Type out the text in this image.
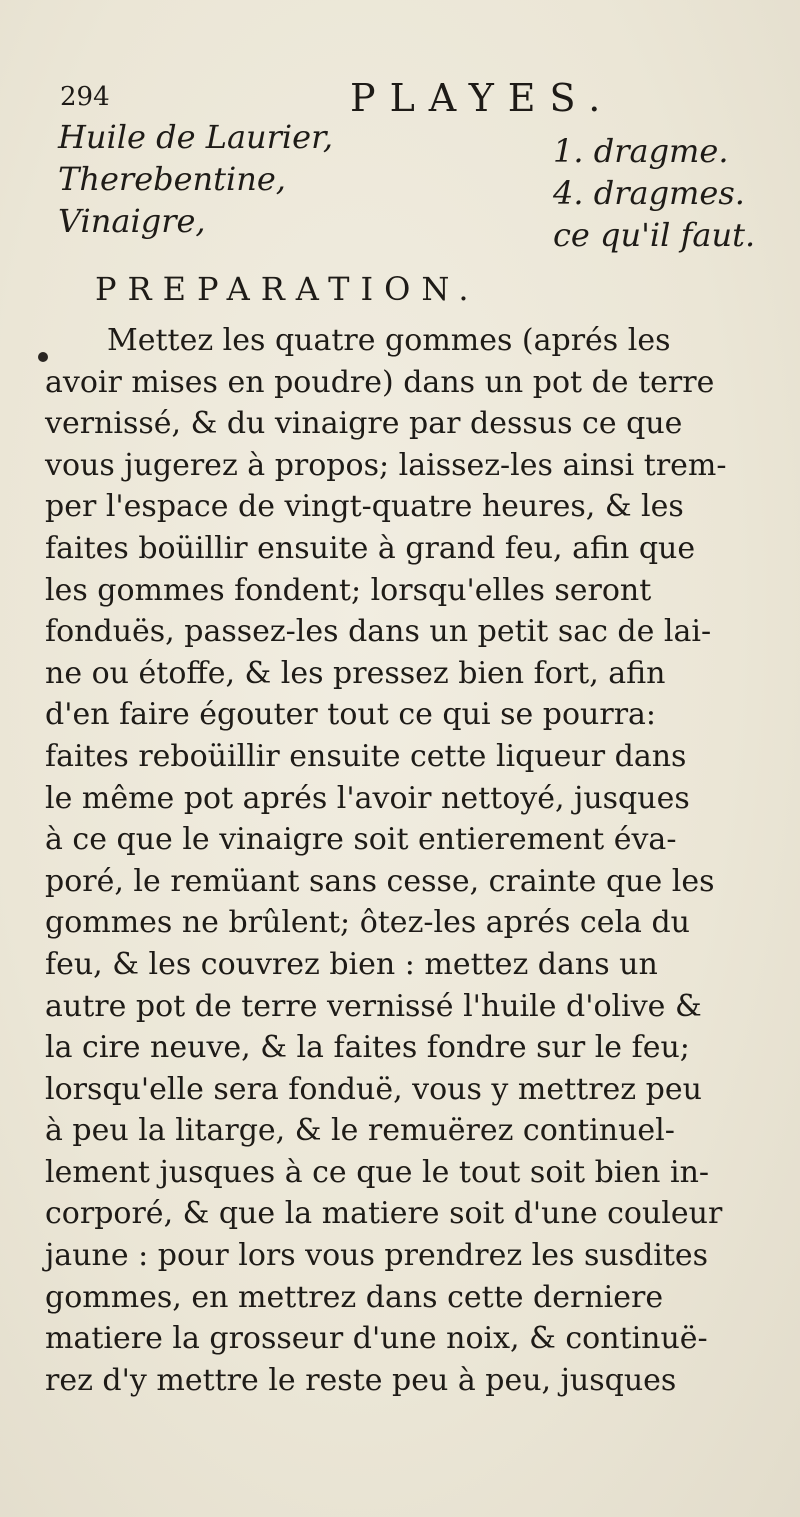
294	PLAYES.
Huile de Laurier,	1. dragme.
Therebentine,	4. dragmes.
Vinaigre,	ce qu'il faut.
PREPARATION.
Mettez les quatre gommes (aprés les
avoir mises en poudre) dans un pot de terre
vernissé, & du vinaigre par dessus ce que
vous jugerez à propos; laissez-les ainsi trem-
per l'espace de vingt-quatre heures, & les
faites boüillir ensuite à grand feu, afin que
les gommes fondent; lorsqu'elles seront
fonduës, passez-les dans un petit sac de lai-
ne ou étoffe, & les pressez bien fort, afin
d'en faire égouter tout ce qui se pourra:
faites reboüillir ensuite cette liqueur dans
le même pot aprés l'avoir nettoyé, jusques
à ce que le vinaigre soit entierement éva-
poré, le remüant sans cesse, crainte que les
gommes ne brûlent; ôtez-les aprés cela du
feu, & les couvrez bien : mettez dans un
autre pot de terre vernissé l'huile d'olive &
la cire neuve, & la faites fondre sur le feu;
lorsqu'elle sera fonduë, vous y mettrez peu
à peu la litarge, & le remuërez continuel-
lement jusques à ce que le tout soit bien in-
corporé, & que la matiere soit d'une couleur
jaune : pour lors vous prendrez les susdites
gommes, en mettrez dans cette derniere
matiere la grosseur d'une noix, & continuë-
rez d'y mettre le reste peu à peu, jusques
